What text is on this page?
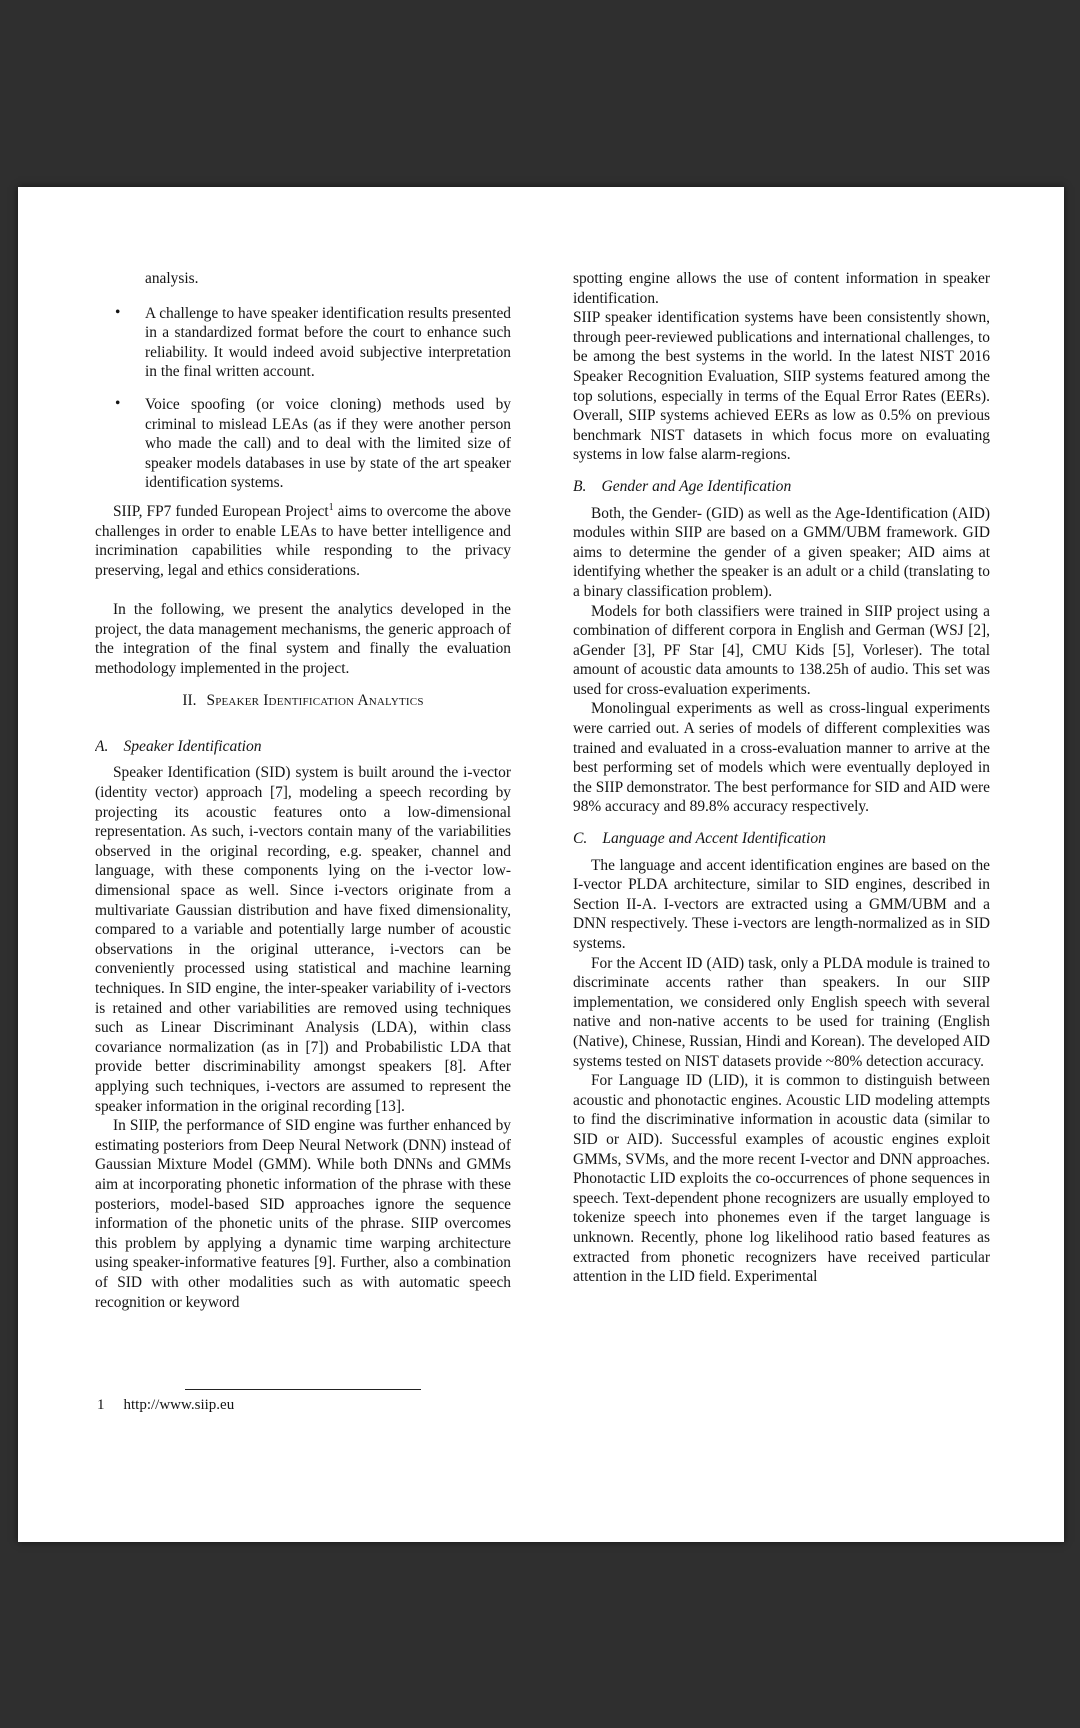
analysis.

• A challenge to have speaker identification results presented in a standardized format before the court to enhance such reliability. It would indeed avoid subjective interpretation in the final written account.
• Voice spoofing (or voice cloning) methods used by criminal to mislead LEAs (as if they were another person who made the call) and to deal with the limited size of speaker models databases in use by state of the art speaker identification systems.

SIIP, FP7 funded European Project$^1$ aims to overcome the above challenges in order to enable LEAs to have better intelligence and incrimination capabilities while responding to the privacy preserving, legal and ethics considerations.

In the following, we present the analytics developed in the project, the data management mechanisms, the generic approach of the integration of the final system and finally the evaluation methodology implemented in the project.

II. Speaker Identification Analytics
A. Speaker Identification

Speaker Identification (SID) system is built around the i-vector (identity vector) approach [7], modeling a speech recording by projecting its acoustic features onto a low-dimensional representation. As such, i-vectors contain many of the variabilities observed in the original recording, e.g. speaker, channel and language, with these components lying on the i-vector low-dimensional space as well. Since i-vectors originate from a multivariate Gaussian distribution and have fixed dimensionality, compared to a variable and potentially large number of acoustic observations in the original utterance, i-vectors can be conveniently processed using statistical and machine learning techniques. In SID engine, the inter-speaker variability of i-vectors is retained and other variabilities are removed using techniques such as Linear Discriminant Analysis (LDA), within class covariance normalization (as in [7]) and Probabilistic LDA that provide better discriminability amongst speakers [8]. After applying such techniques, i-vectors are assumed to represent the speaker information in the original recording [13].

In SIIP, the performance of SID engine was further enhanced by estimating posteriors from Deep Neural Network (DNN) instead of Gaussian Mixture Model (GMM). While both DNNs and GMMs aim at incorporating phonetic information of the phrase with these posteriors, model-based SID approaches ignore the sequence information of the phonetic units of the phrase. SIIP overcomes this problem by applying a dynamic time warping architecture using speaker-informative features [9]. Further, also a combination of SID with other modalities such as with automatic speech recognition or keyword

1 http://www.siip.eu

spotting engine allows the use of content information in speaker identification.

SIIP speaker identification systems have been consistently shown, through peer-reviewed publications and international challenges, to be among the best systems in the world. In the latest NIST 2016 Speaker Recognition Evaluation, SIIP systems featured among the top solutions, especially in terms of the Equal Error Rates (EERs). Overall, SIIP systems achieved EERs as low as 0.5% on previous benchmark NIST datasets in which focus more on evaluating systems in low false alarm-regions.

B. Gender and Age Identification

Both, the Gender- (GID) as well as the Age-Identification (AID) modules within SIIP are based on a GMM/UBM framework. GID aims to determine the gender of a given speaker; AID aims at identifying whether the speaker is an adult or a child (translating to a binary classification problem).

Models for both classifiers were trained in SIIP project using a combination of different corpora in English and German (WSJ [2], aGender [3], PF Star [4], CMU Kids [5], Vorleser). The total amount of acoustic data amounts to 138.25h of audio. This set was used for cross-evaluation experiments.

Monolingual experiments as well as cross-lingual experiments were carried out. A series of models of different complexities was trained and evaluated in a cross-evaluation manner to arrive at the best performing set of models which were eventually deployed in the SIIP demonstrator. The best performance for SID and AID were 98% accuracy and 89.8% accuracy respectively.

C. Language and Accent Identification

The language and accent identification engines are based on the I-vector PLDA architecture, similar to SID engines, described in Section II-A. I-vectors are extracted using a GMM/UBM and a DNN respectively. These i-vectors are length-normalized as in SID systems.

For the Accent ID (AID) task, only a PLDA module is trained to discriminate accents rather than speakers. In our SIIP implementation, we considered only English speech with several native and non-native accents to be used for training (English (Native), Chinese, Russian, Hindi and Korean). The developed AID systems tested on NIST datasets provide ~80% detection accuracy.

For Language ID (LID), it is common to distinguish between acoustic and phonotactic engines. Acoustic LID modeling attempts to find the discriminative information in acoustic data (similar to SID or AID). Successful examples of acoustic engines exploit GMMs, SVMs, and the more recent I-vector and DNN approaches. Phonotactic LID exploits the co-occurrences of phone sequences in speech. Text-dependent phone recognizers are usually employed to tokenize speech into phonemes even if the target language is unknown. Recently, phone log likelihood ratio based features as extracted from phonetic recognizers have received particular attention in the LID field. Experimental
